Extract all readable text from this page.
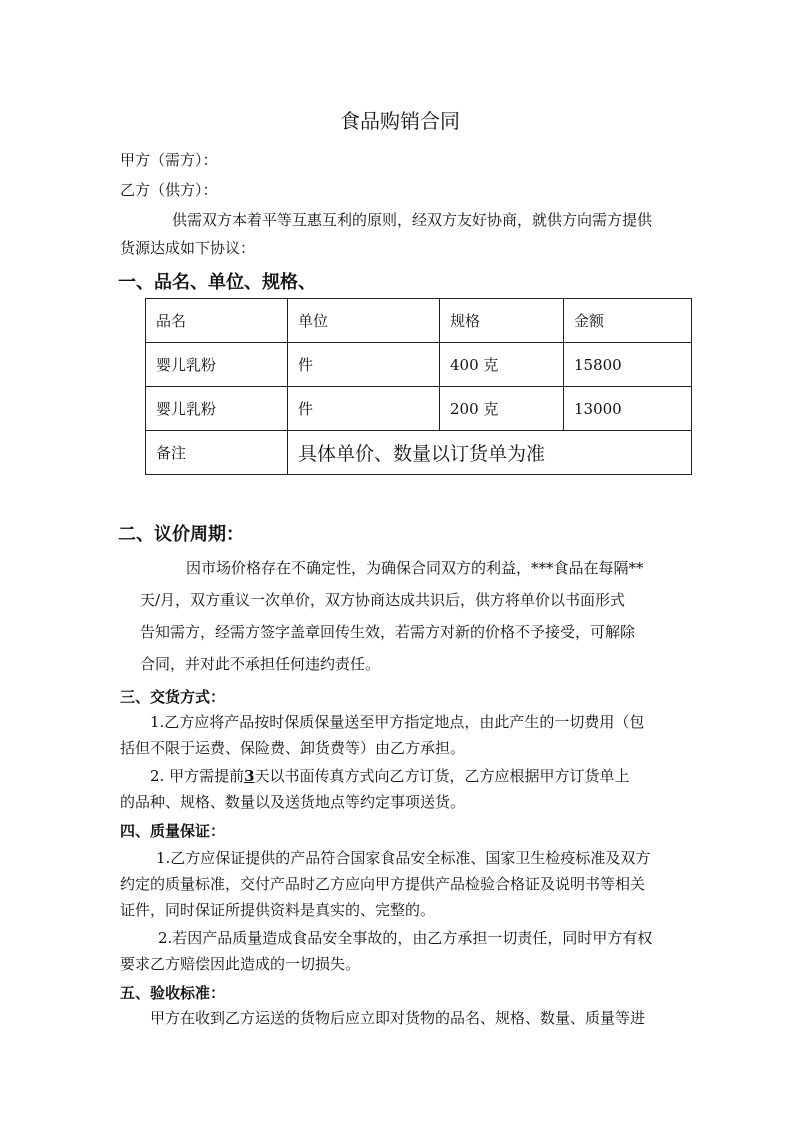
食品购销合同
甲方（需方）：
乙方（供方）：
供需双方本着平等互惠互利的原则，经双方友好协商，就供方向需方提供
货源达成如下协议：
一、品名、单位、规格、
品名	单位	规格	金额
婴儿乳粉	件	400 克	15800
婴儿乳粉	件	200 克	13000
备注	具体单价、数量以订货单为准		
二、议价周期：
因市场价格存在不确定性，为确保合同双方的利益，***食品在每隔**
天/月，双方重议一次单价，双方协商达成共识后，供方将单价以书面形式
告知需方，经需方签字盖章回传生效，若需方对新的价格不予接受，可解除
合同，并对此不承担任何违约责任。
三、交货方式：
1.乙方应将产品按时保质保量送至甲方指定地点，由此产生的一切费用（包
括但不限于运费、保险费、卸货费等）由乙方承担。
2. 甲方需提前3天以书面传真方式向乙方订货，乙方应根据甲方订货单上
的品种、规格、数量以及送货地点等约定事项送货。
四、质量保证：
1.乙方应保证提供的产品符合国家食品安全标准、国家卫生检疫标准及双方
约定的质量标准，交付产品时乙方应向甲方提供产品检验合格证及说明书等相关
证件，同时保证所提供资料是真实的、完整的。
2.若因产品质量造成食品安全事故的，由乙方承担一切责任，同时甲方有权
要求乙方赔偿因此造成的一切损失。
五、验收标准：
甲方在收到乙方运送的货物后应立即对货物的品名、规格、数量、质量等进
